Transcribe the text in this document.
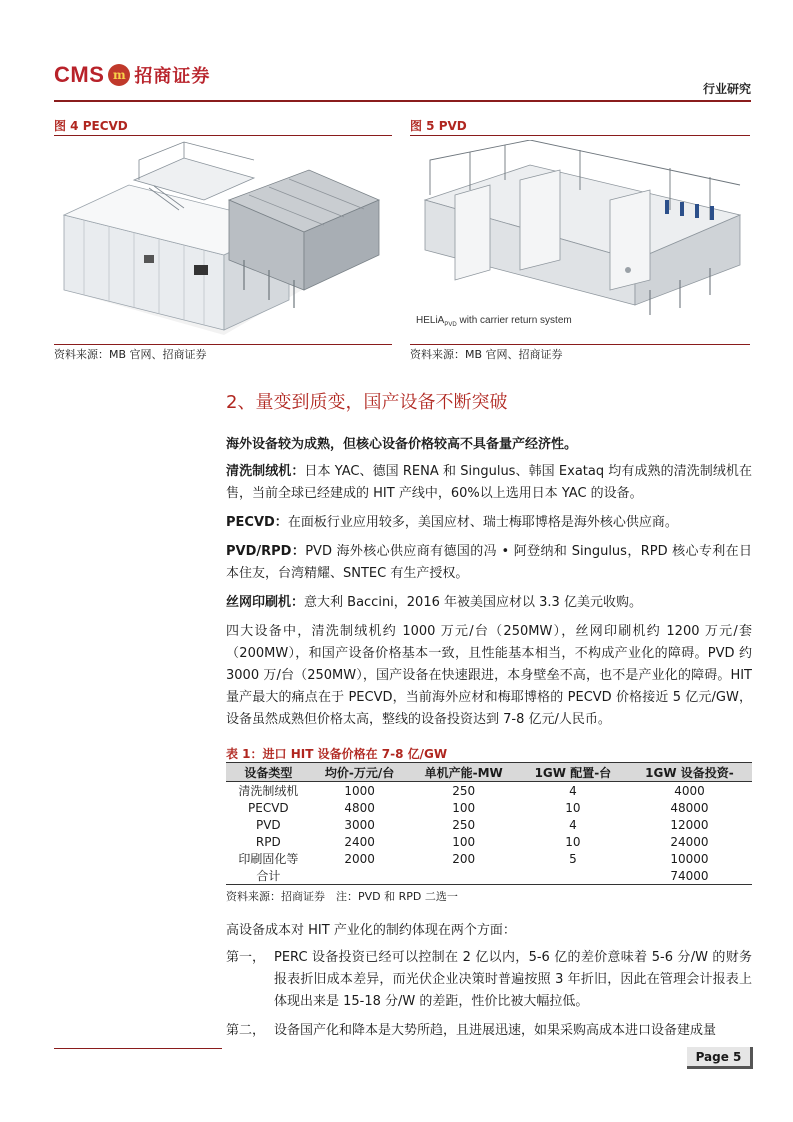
CMS m 招商证券
行业研究
图 4 PECVD
资料来源：MB 官网、招商证券
图 5 PVD
HELiA$_{PVD}$ with carrier return system
资料来源：MB 官网、招商证券
2、量变到质变，国产设备不断突破
海外设备较为成熟，但核心设备价格较高不具备量产经济性。
清洗制绒机：日本 YAC、德国 RENA 和 Singulus、韩国 Exataq 均有成熟的清洗制绒机在售，当前全球已经建成的 HIT 产线中，60%以上选用日本 YAC 的设备。
PECVD：在面板行业应用较多，美国应材、瑞士梅耶博格是海外核心供应商。
PVD/RPD：PVD 海外核心供应商有德国的冯 • 阿登纳和 Singulus，RPD 核心专利在日本住友，台湾精耀、SNTEC 有生产授权。
丝网印刷机：意大利 Baccini，2016 年被美国应材以 3.3 亿美元收购。
四大设备中，清洗制绒机约 1000 万元/台（250MW），丝网印刷机约 1200 万元/套（200MW），和国产设备价格基本一致，且性能基本相当，不构成产业化的障碍。PVD 约 3000 万/台（250MW），国产设备在快速跟进，本身壁垒不高，也不是产业化的障碍。HIT 量产最大的痛点在于 PECVD，当前海外应材和梅耶博格的 PECVD 价格接近 5 亿元/GW，设备虽然成熟但价格太高，整线的设备投资达到 7-8 亿元/人民币。
表 1：进口 HIT 设备价格在 7-8 亿/GW
设备类型	均价-万元/台	单机产能-MW	1GW 配置-台	1GW 设备投资-
清洗制绒机	1000	250	4	4000
PECVD	4800	100	10	48000
PVD	3000	250	4	12000
RPD	2400	100	10	24000
印刷固化等	2000	200	5	10000
合计				74000
资料来源：招商证券　注：PVD 和 RPD 二选一
高设备成本对 HIT 产业化的制约体现在两个方面：
第一， PERC 设备投资已经可以控制在 2 亿以内，5-6 亿的差价意味着 5-6 分/W 的财务报表折旧成本差异，而光伏企业决策时普遍按照 3 年折旧，因此在管理会计报表上体现出来是 15-18 分/W 的差距，性价比被大幅拉低。
第二， 设备国产化和降本是大势所趋，且进展迅速，如果采购高成本进口设备建成量
Page 5
